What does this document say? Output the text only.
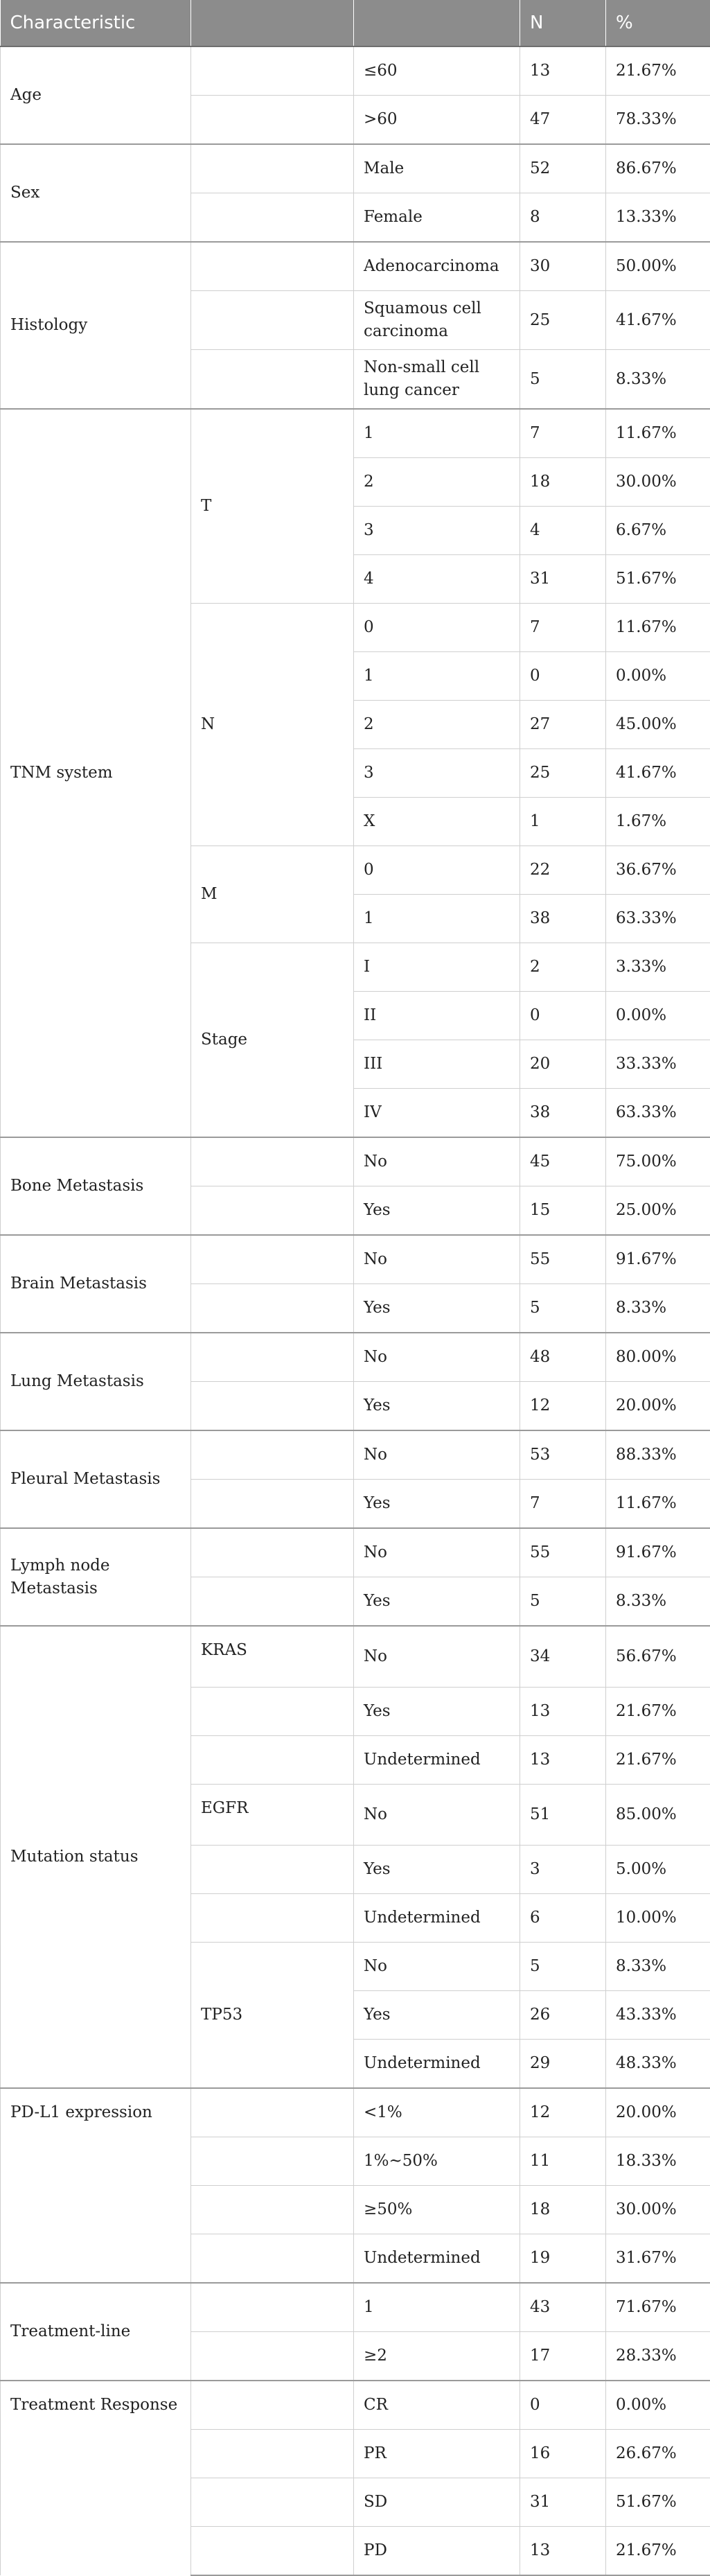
Characteristic			N	%
Age		≤60	13	21.67%
		>60	47	78.33%
Sex		Male	52	86.67%
		Female	8	13.33%
Histology		Adenocarcinoma	30	50.00%
		Squamous cell carcinoma	25	41.67%
		Non-small cell lung cancer	5	8.33%
TNM system	T	1	7	11.67%
		2	18	30.00%
		3	4	6.67%
		4	31	51.67%
	N	0	7	11.67%
		1	0	0.00%
		2	27	45.00%
		3	25	41.67%
		X	1	1.67%
	M	0	22	36.67%
		1	38	63.33%
	Stage	I	2	3.33%
		II	0	0.00%
		III	20	33.33%
		IV	38	63.33%
Bone Metastasis		No	45	75.00%
		Yes	15	25.00%
Brain Metastasis		No	55	91.67%
		Yes	5	8.33%
Lung Metastasis		No	48	80.00%
		Yes	12	20.00%
Pleural Metastasis		No	53	88.33%
		Yes	7	11.67%
Lymph node Metastasis		No	55	91.67%
		Yes	5	8.33%
Mutation status	KRAS	No	34	56.67%
		Yes	13	21.67%
		Undetermined	13	21.67%
	EGFR	No	51	85.00%
		Yes	3	5.00%
		Undetermined	6	10.00%
	TP53	No	5	8.33%
		Yes	26	43.33%
		Undetermined	29	48.33%
PD-L1 expression		<1%	12	20.00%
		1%~50%	11	18.33%
		≥50%	18	30.00%
		Undetermined	19	31.67%
Treatment-line		1	43	71.67%
		≥2	17	28.33%
Treatment Response		CR	0	0.00%
		PR	16	26.67%
		SD	31	51.67%
		PD	13	21.67%
